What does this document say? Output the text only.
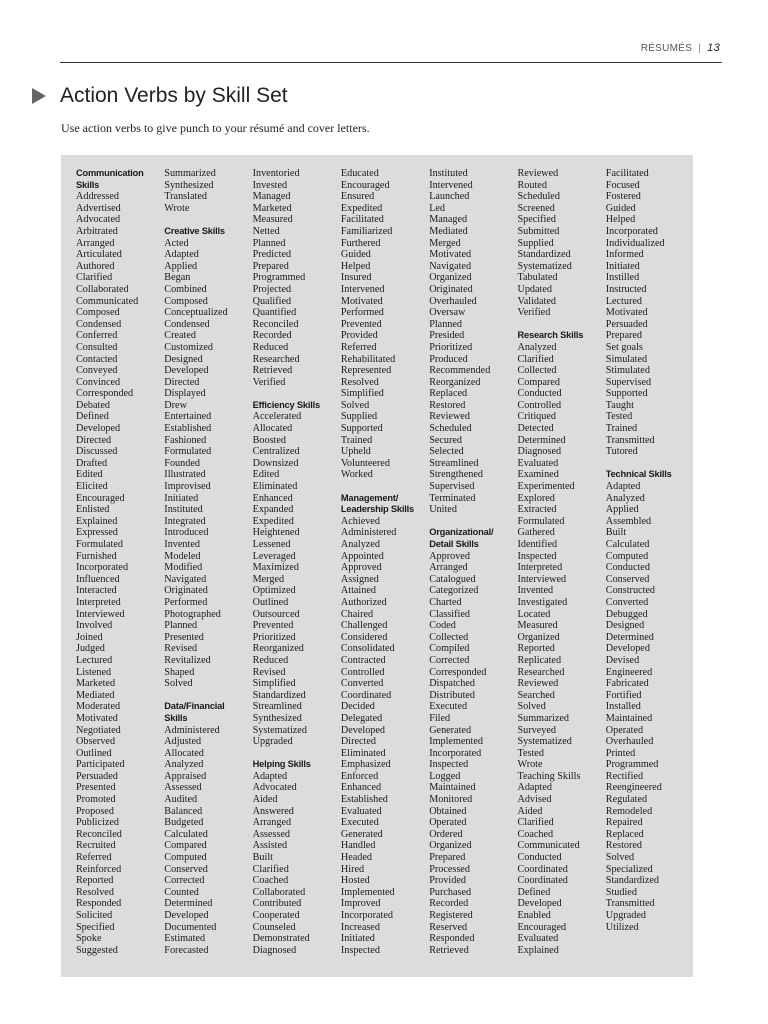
RÉSUMÉS | 13
Action Verbs by Skill Set
Use action verbs to give punch to your résumé and cover letters.
Communication
Skills
Addressed
Advertised
Advocated
Arbitrated
Arranged
Articulated
Authored
Clarified
Collaborated
Communicated
Composed
Condensed
Conferred
Consulted
Contacted
Conveyed
Convinced
Corresponded
Debated
Defined
Developed
Directed
Discussed
Drafted
Edited
Elicited
Encouraged
Enlisted
Explained
Expressed
Formulated
Furnished
Incorporated
Influenced
Interacted
Interpreted
Interviewed
Involved
Joined
Judged
Lectured
Listened
Marketed
Mediated
Moderated
Motivated
Negotiated
Observed
Outlined
Participated
Persuaded
Presented
Promoted
Proposed
Publicized
Reconciled
Recruited
Referred
Reinforced
Reported
Resolved
Responded
Solicited
Specified
Spoke
Suggested
Summarized
Synthesized
Translated
Wrote
Creative Skills
Acted
Adapted
Applied
Began
Combined
Composed
Conceptualized
Condensed
Created
Customized
Designed
Developed
Directed
Displayed
Drew
Entertained
Established
Fashioned
Formulated
Founded
Illustrated
Improvised
Initiated
Instituted
Integrated
Introduced
Invented
Modeled
Modified
Navigated
Originated
Performed
Photographed
Planned
Presented
Revised
Revitalized
Shaped
Solved
Data/Financial
Skills
Administered
Adjusted
Allocated
Analyzed
Appraised
Assessed
Audited
Balanced
Budgeted
Calculated
Compared
Computed
Conserved
Corrected
Counted
Determined
Developed
Documented
Estimated
Forecasted
Inventoried
Invested
Managed
Marketed
Measured
Netted
Planned
Predicted
Prepared
Programmed
Projected
Qualified
Quantified
Reconciled
Recorded
Reduced
Researched
Retrieved
Verified
Efficiency Skills
Accelerated
Allocated
Boosted
Centralized
Downsized
Edited
Eliminated
Enhanced
Expanded
Expedited
Heightened
Lessened
Leveraged
Maximized
Merged
Optimized
Outlined
Outsourced
Prevented
Prioritized
Reorganized
Reduced
Revised
Simplified
Standardized
Streamlined
Synthesized
Systematized
Upgraded
Helping Skills
Adapted
Advocated
Aided
Answered
Arranged
Assessed
Assisted
Built
Clarified
Coached
Collaborated
Contributed
Cooperated
Counseled
Demonstrated
Diagnosed
Educated
Encouraged
Ensured
Expedited
Facilitated
Familiarized
Furthered
Guided
Helped
Insured
Intervened
Motivated
Performed
Prevented
Provided
Referred
Rehabilitated
Represented
Resolved
Simplified
Solved
Supplied
Supported
Trained
Upheld
Volunteered
Worked
Management/
Leadership Skills
Achieved
Administered
Analyzed
Appointed
Approved
Assigned
Attained
Authorized
Chaired
Challenged
Considered
Consolidated
Contracted
Controlled
Converted
Coordinated
Decided
Delegated
Developed
Directed
Eliminated
Emphasized
Enforced
Enhanced
Established
Evaluated
Executed
Generated
Handled
Headed
Hired
Hosted
Implemented
Improved
Incorporated
Increased
Initiated
Inspected
Instituted
Intervened
Launched
Led
Managed
Mediated
Merged
Motivated
Navigated
Organized
Originated
Overhauled
Oversaw
Planned
Presided
Prioritized
Produced
Recommended
Reorganized
Replaced
Restored
Reviewed
Scheduled
Secured
Selected
Streamlined
Strengthened
Supervised
Terminated
United
Organizational/
Detail Skills
Approved
Arranged
Catalogued
Categorized
Charted
Classified
Coded
Collected
Compiled
Corrected
Corresponded
Dispatched
Distributed
Executed
Filed
Generated
Implemented
Incorporated
Inspected
Logged
Maintained
Monitored
Obtained
Operated
Ordered
Organized
Prepared
Processed
Provided
Purchased
Recorded
Registered
Reserved
Responded
Retrieved
Reviewed
Routed
Scheduled
Screened
Specified
Submitted
Supplied
Standardized
Systematized
Tabulated
Updated
Validated
Verified
Research Skills
Analyzed
Clarified
Collected
Compared
Conducted
Controlled
Critiqued
Detected
Determined
Diagnosed
Evaluated
Examined
Experimented
Explored
Extracted
Formulated
Gathered
Identified
Inspected
Interpreted
Interviewed
Invented
Investigated
Located
Measured
Organized
Reported
Replicated
Researched
Reviewed
Searched
Solved
Summarized
Surveyed
Systematized
Tested
Wrote
Teaching Skills
Adapted
Advised
Aided
Clarified
Coached
Communicated
Conducted
Coordinated
Coordinated
Defined
Developed
Enabled
Encouraged
Evaluated
Explained
Facilitated
Focused
Fostered
Guided
Helped
Incorporated
Individualized
Informed
Initiated
Instilled
Instructed
Lectured
Motivated
Persuaded
Prepared
Set goals
Simulated
Stimulated
Supervised
Supported
Taught
Tested
Trained
Transmitted
Tutored
Technical Skills
Adapted
Analyzed
Applied
Assembled
Built
Calculated
Computed
Conducted
Conserved
Constructed
Converted
Debugged
Designed
Determined
Developed
Devised
Engineered
Fabricated
Fortified
Installed
Maintained
Operated
Overhauled
Printed
Programmed
Rectified
Reengineered
Regulated
Remodeled
Repaired
Replaced
Restored
Solved
Specialized
Standardized
Studied
Transmitted
Upgraded
Utilized
